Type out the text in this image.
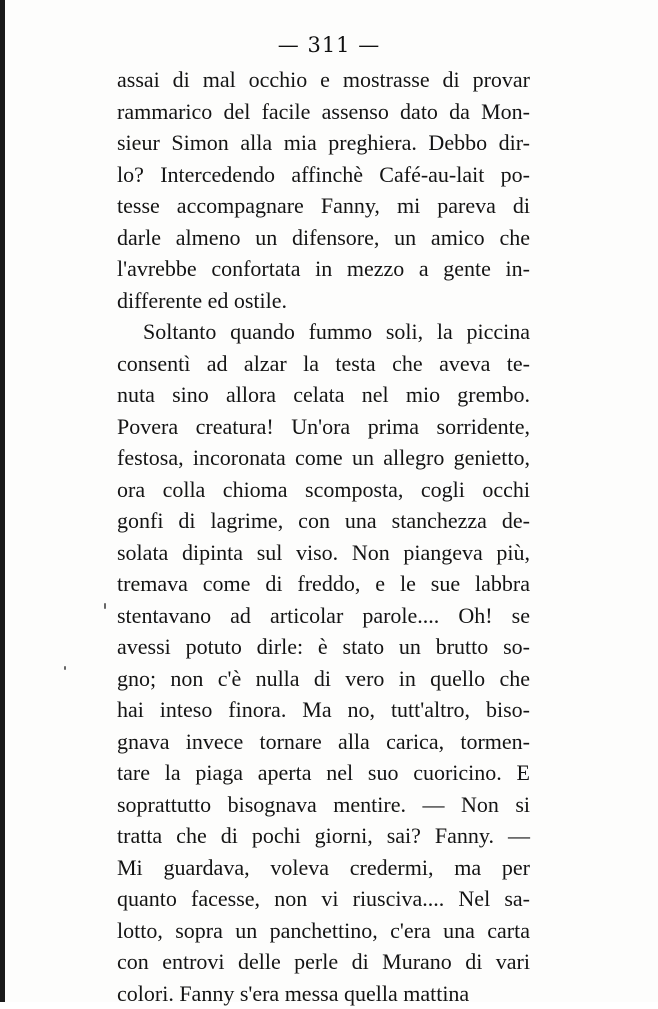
— 311 —
assai di mal occhio e mostrasse di provar
rammarico del facile assenso dato da Mon-
sieur Simon alla mia preghiera. Debbo dir-
lo? Intercedendo affinchè Café-au-lait po-
tesse accompagnare Fanny, mi pareva di
darle almeno un difensore, un amico che
l'avrebbe confortata in mezzo a gente in-
differente ed ostile.
Soltanto quando fummo soli, la piccina
consentì ad alzar la testa che aveva te-
nuta sino allora celata nel mio grembo.
Povera creatura! Un'ora prima sorridente,
festosa, incoronata come un allegro genietto,
ora colla chioma scomposta, cogli occhi
gonfi di lagrime, con una stanchezza de-
solata dipinta sul viso. Non piangeva più,
tremava come di freddo, e le sue labbra
stentavano ad articolar parole.... Oh! se
avessi potuto dirle: è stato un brutto so-
gno; non c'è nulla di vero in quello che
hai inteso finora. Ma no, tutt'altro, biso-
gnava invece tornare alla carica, tormen-
tare la piaga aperta nel suo cuoricino. E
soprattutto bisognava mentire. — Non si
tratta che di pochi giorni, sai? Fanny. —
Mi guardava, voleva credermi, ma per
quanto facesse, non vi riusciva.... Nel sa-
lotto, sopra un panchettino, c'era una carta
con entrovi delle perle di Murano di vari
colori. Fanny s'era messa quella mattina
